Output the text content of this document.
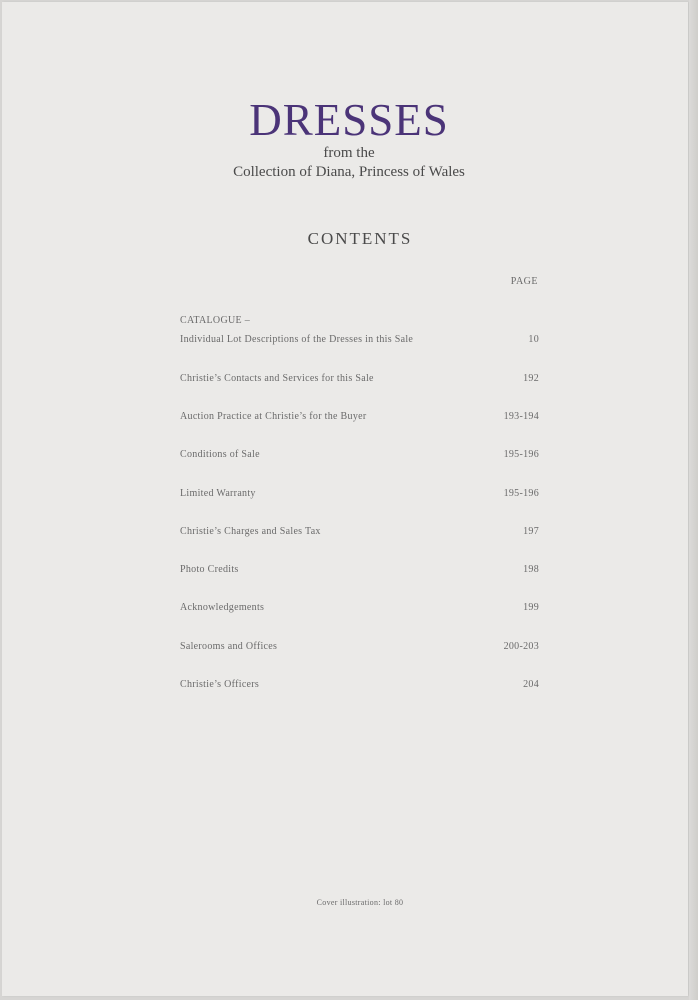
DRESSES
from the
Collection of Diana, Princess of Wales
CONTENTS
PAGE
CATALOGUE –
Individual Lot Descriptions of the Dresses in this Sale	10
Christie’s Contacts and Services for this Sale	192
Auction Practice at Christie’s for the Buyer	193-194
Conditions of Sale	195-196
Limited Warranty	195-196
Christie’s Charges and Sales Tax	197
Photo Credits	198
Acknowledgements	199
Salerooms and Offices	200-203
Christie’s Officers	204
Cover illustration: lot 80
